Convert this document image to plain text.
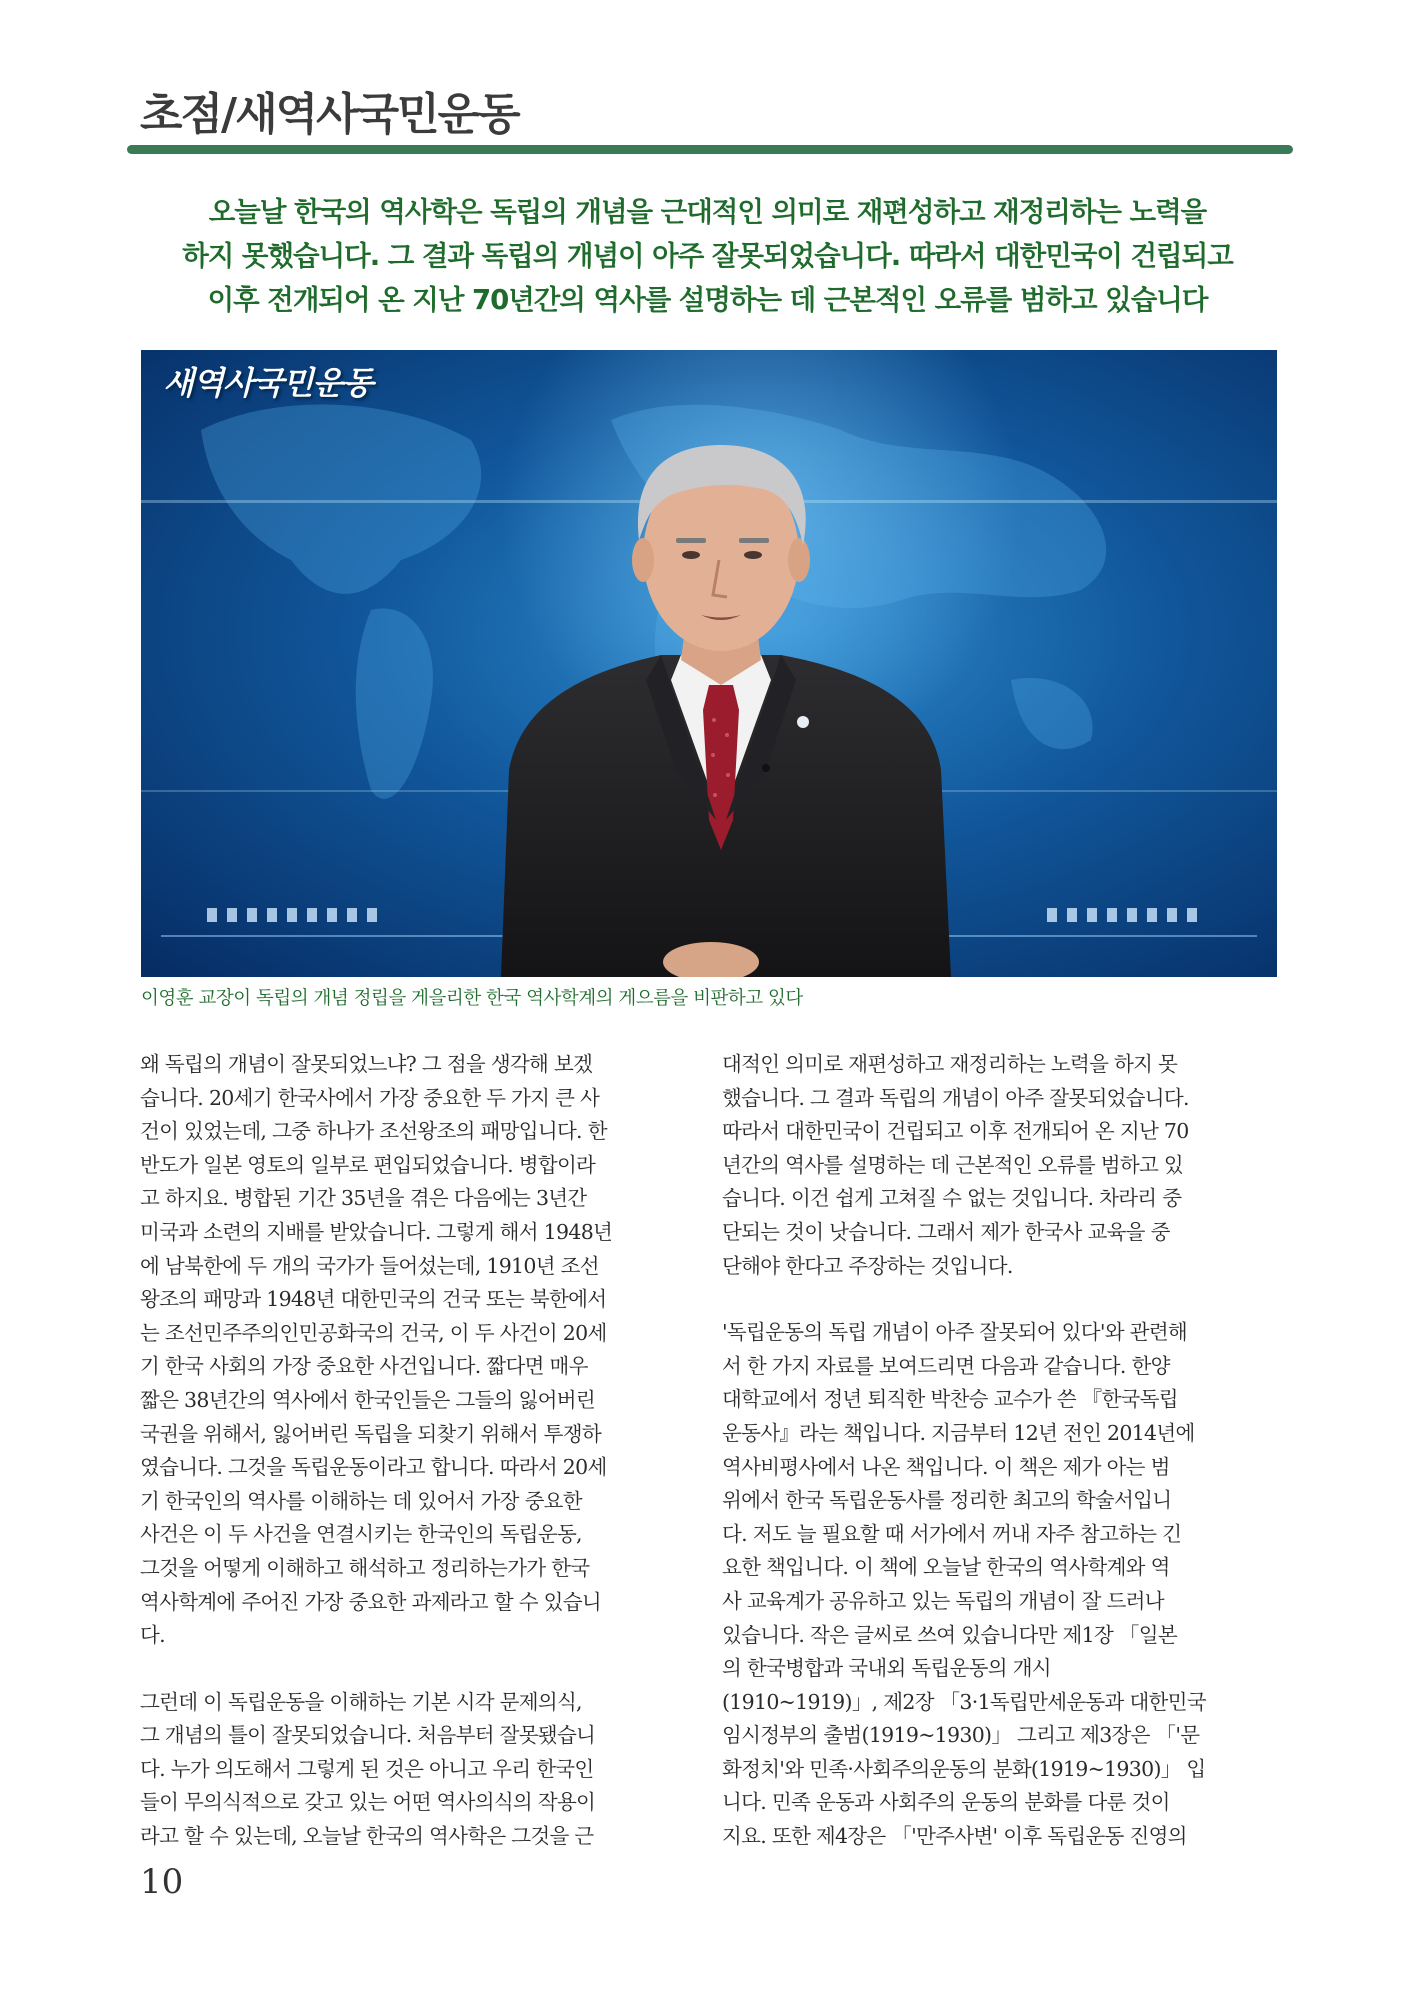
초점/새역사국민운동
오늘날 한국의 역사학은 독립의 개념을 근대적인 의미로 재편성하고 재정리하는 노력을
하지 못했습니다. 그 결과 독립의 개념이 아주 잘못되었습니다. 따라서 대한민국이 건립되고
이후 전개되어 온 지난 70년간의 역사를 설명하는 데 근본적인 오류를 범하고 있습니다
새역사국민운동

이영훈 교장이 독립의 개념 정립을 게을리한 한국 역사학계의 게으름을 비판하고 있다

왜 독립의 개념이 잘못되었느냐? 그 점을 생각해 보겠
습니다. 20세기 한국사에서 가장 중요한 두 가지 큰 사
건이 있었는데, 그중 하나가 조선왕조의 패망입니다. 한
반도가 일본 영토의 일부로 편입되었습니다. 병합이라
고 하지요. 병합된 기간 35년을 겪은 다음에는 3년간
미국과 소련의 지배를 받았습니다. 그렇게 해서 1948년
에 남북한에 두 개의 국가가 들어섰는데, 1910년 조선
왕조의 패망과 1948년 대한민국의 건국 또는 북한에서
는 조선민주주의인민공화국의 건국, 이 두 사건이 20세
기 한국 사회의 가장 중요한 사건입니다. 짧다면 매우
짧은 38년간의 역사에서 한국인들은 그들의 잃어버린
국권을 위해서, 잃어버린 독립을 되찾기 위해서 투쟁하
였습니다. 그것을 독립운동이라고 합니다. 따라서 20세
기 한국인의 역사를 이해하는 데 있어서 가장 중요한
사건은 이 두 사건을 연결시키는 한국인의 독립운동,
그것을 어떻게 이해하고 해석하고 정리하는가가 한국
역사학계에 주어진 가장 중요한 과제라고 할 수 있습니
다.

그런데 이 독립운동을 이해하는 기본 시각 문제의식,
그 개념의 틀이 잘못되었습니다. 처음부터 잘못됐습니
다. 누가 의도해서 그렇게 된 것은 아니고 우리 한국인
들이 무의식적으로 갖고 있는 어떤 역사의식의 작용이
라고 할 수 있는데, 오늘날 한국의 역사학은 그것을 근

대적인 의미로 재편성하고 재정리하는 노력을 하지 못
했습니다. 그 결과 독립의 개념이 아주 잘못되었습니다.
따라서 대한민국이 건립되고 이후 전개되어 온 지난 70
년간의 역사를 설명하는 데 근본적인 오류를 범하고 있
습니다. 이건 쉽게 고쳐질 수 없는 것입니다. 차라리 중
단되는 것이 낫습니다. 그래서 제가 한국사 교육을 중
단해야 한다고 주장하는 것입니다.

'독립운동의 독립 개념이 아주 잘못되어 있다'와 관련해
서 한 가지 자료를 보여드리면 다음과 같습니다. 한양
대학교에서 정년 퇴직한 박찬승 교수가 쓴 『한국독립
운동사』라는 책입니다. 지금부터 12년 전인 2014년에
역사비평사에서 나온 책입니다. 이 책은 제가 아는 범
위에서 한국 독립운동사를 정리한 최고의 학술서입니
다. 저도 늘 필요할 때 서가에서 꺼내 자주 참고하는 긴
요한 책입니다. 이 책에 오늘날 한국의 역사학계와 역
사 교육계가 공유하고 있는 독립의 개념이 잘 드러나
있습니다. 작은 글씨로 쓰여 있습니다만 제1장 「일본
의 한국병합과 국내외 독립운동의 개시
(1910~1919)」, 제2장 「3·1독립만세운동과 대한민국
임시정부의 출범(1919~1930)」 그리고 제3장은 「'문
화정치'와 민족·사회주의운동의 분화(1919~1930)」 입
니다. 민족 운동과 사회주의 운동의 분화를 다룬 것이
지요. 또한 제4장은 「'만주사변' 이후 독립운동 진영의

10
